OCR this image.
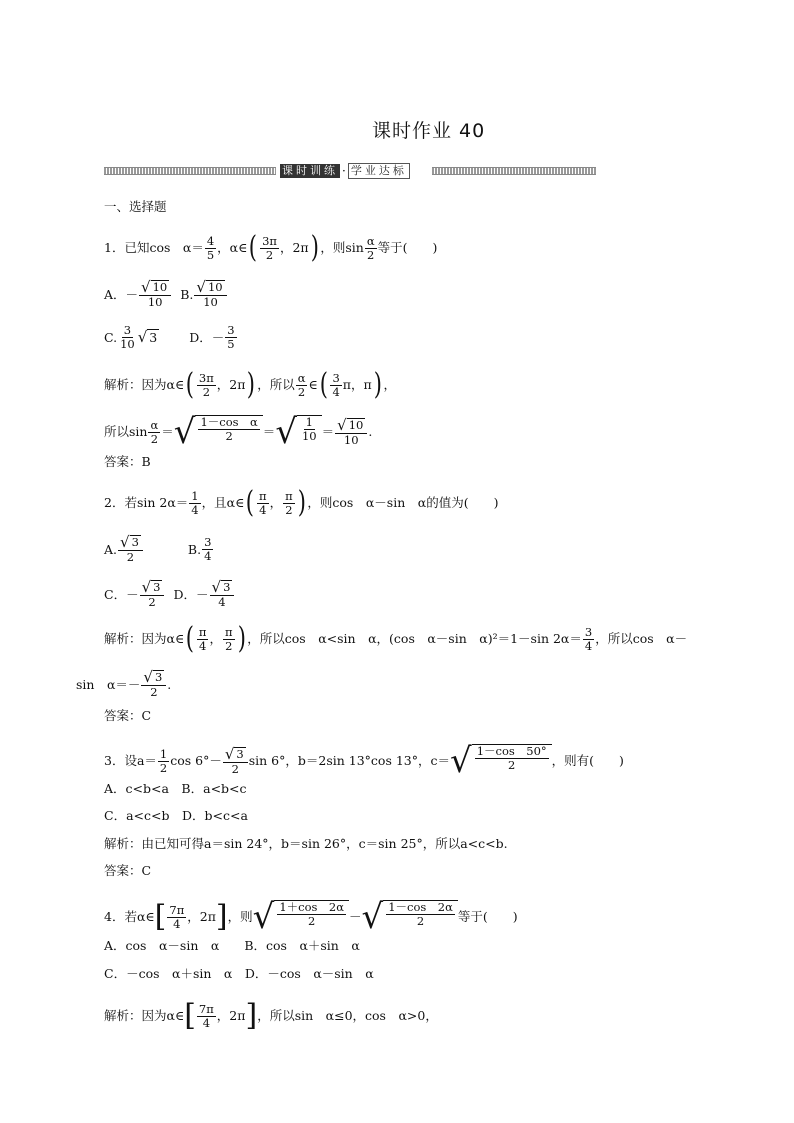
课时作业 40
课时训练 · 学业达标
一、选择题
1．已知cos　$\alpha= \frac{4}{5}$ ，α∈ ( $\frac{3\pi}{2}$ ，2π ) ，则$\sin \frac{\alpha}{2}$ 等于(　　)
A．－ $\frac{√ 10}{10} B$. $\frac{√ 10}{10}$
C. $\frac{3}{10}$ √ 3	D．－ $\frac{3}{5}$
解析：因为α∈ ( $\frac{3\pi}{2}$ ，2π ) ，所以 $\frac{\alpha}{2}$ ∈ ( $\frac{3}{4}$ π，π ) ，
所以$\sin \frac{\alpha}{2}$ ＝ √ $\frac{\text{1－cos　α}}{2}$ ＝ √ $\frac{1}{10} = \frac{√ 10}{10}$ .
答案：B
2．若$\sin 2\alpha= \frac{1}{4}$ ，且α∈ ( $\frac{\pi}{4}$ ， $\frac{\pi}{2}$ ) ，则cos　α－sin　α的值为(　　)
A. $\frac{√ 3}{2}$	B. $\frac{3}{4}$
C．－ $\frac{√ 3}{2}$ D．－ $\frac{√ 3}{4}$
解析：因为α∈ ( $\frac{\pi}{4}$ ， $\frac{\pi}{2}$ ) ，所以cos　α<sin　α，(cos　α－sin　α)²＝1－sin $2\alpha= \frac{3}{4}$ ，所以cos　α－
sin　$\alpha=- \frac{√ 3}{2}$ .
答案：C
3．设$a= \frac{1}{2}$ $\cos 6^\circ- \frac{√ 3}{2}$ sin 6°，b＝2sin 13°cos 13°，c＝ √ $\frac{1-\cos 50^\circ}{2}$ ，则有(　　)
A．c<b<a　B．a<b<c
C．a<c<b　D．b<c<a
解析：由已知可得a＝sin 24°，b＝sin 26°，c＝sin 25°，所以a<c<b.
答案：C
4．若α∈ [ $\frac{7\pi}{4}$ ，2π ] ，则 √ $\frac{1+\cos 2\alpha}{2}$ － √ $\frac{1-\cos 2\alpha}{2}$ 等于(　　)
A．cos　α－sin　α　　B．cos　α＋sin　α
C．－cos　α＋sin　α　D．－cos　α－sin　α
解析：因为α∈ [ $\frac{7\pi}{4}$ ，2π ] ，所以sin　α≤0，cos　α>0，
